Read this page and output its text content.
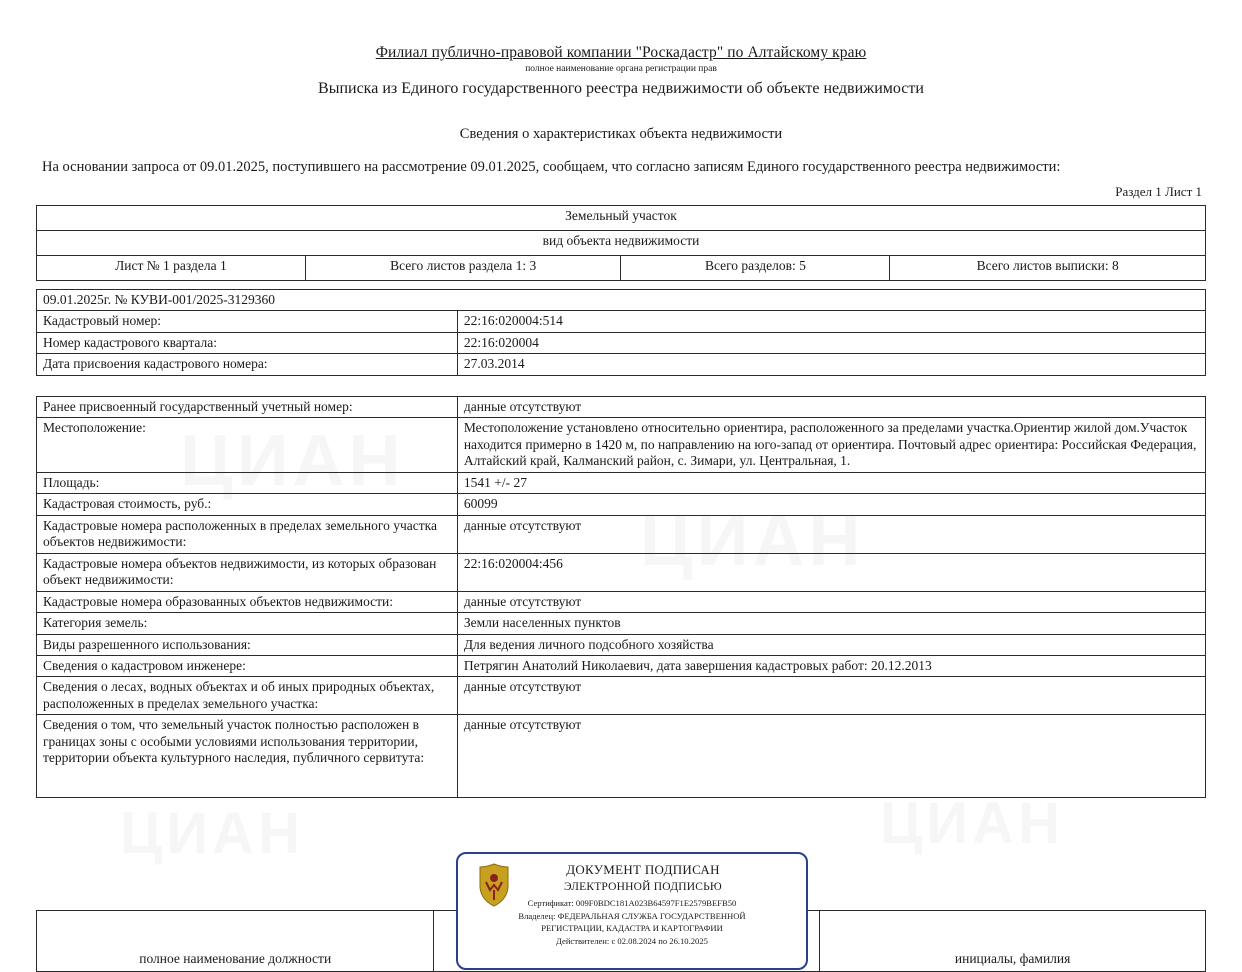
Филиал публично-правовой компании "Роскадастр" по Алтайскому краю
полное наименование органа регистрации прав
Выписка из Единого государственного реестра недвижимости об объекте недвижимости
Сведения о характеристиках объекта недвижимости
На основании запроса от 09.01.2025, поступившего на рассмотрение 09.01.2025, сообщаем, что согласно записям Единого государственного реестра недвижимости:
Раздел 1 Лист 1
Земельный участок
вид объекта недвижимости
Лист № 1 раздела 1	Всего листов раздела 1: 3	Всего разделов: 5	Всего листов выписки: 8
09.01.2025г. № КУВИ-001/2025-3129360	
Кадастровый номер:	22:16:020004:514
Номер кадастрового квартала:	22:16:020004
Дата присвоения кадастрового номера:	27.03.2014
Ранее присвоенный государственный учетный номер:	данные отсутствуют
Местоположение:	Местоположение установлено относительно ориентира, расположенного за пределами участка.Ориентир жилой дом.Участок находится примерно в 1420 м, по направлению на юго-запад от ориентира. Почтовый адрес ориентира: Российская Федерация, Алтайский край, Калманский район, с. Зимари, ул. Центральная, 1.
Площадь:	1541 +/- 27
Кадастровая стоимость, руб.:	60099
Кадастровые номера расположенных в пределах земельного участка объектов недвижимости:	данные отсутствуют
Кадастровые номера объектов недвижимости, из которых образован объект недвижимости:	22:16:020004:456
Кадастровые номера образованных объектов недвижимости:	данные отсутствуют
Категория земель:	Земли населенных пунктов
Виды разрешенного использования:	Для ведения личного подсобного хозяйства
Сведения о кадастровом инженере:	Петрягин Анатолий Николаевич, дата завершения кадастровых работ: 20.12.2013
Сведения о лесах, водных объектах и об иных природных объектах, расположенных в пределах земельного участка:	данные отсутствуют
Сведения о том, что земельный участок полностью расположен в границах зоны с особыми условиями использования территории, территории объекта культурного наследия, публичного сервитута:	данные отсутствуют
полное наименование должности		инициалы, фамилия
ДОКУМЕНТ ПОДПИСАН
ЭЛЕКТРОННОЙ ПОДПИСЬЮ
Сертификат: 009F0BDC181A023B64597F1E2579BEFB50
Владелец: ФЕДЕРАЛЬНАЯ СЛУЖБА ГОСУДАРСТВЕННОЙ
РЕГИСТРАЦИИ, КАДАСТРА И КАРТОГРАФИИ
Действителен: с 02.08.2024 по 26.10.2025
